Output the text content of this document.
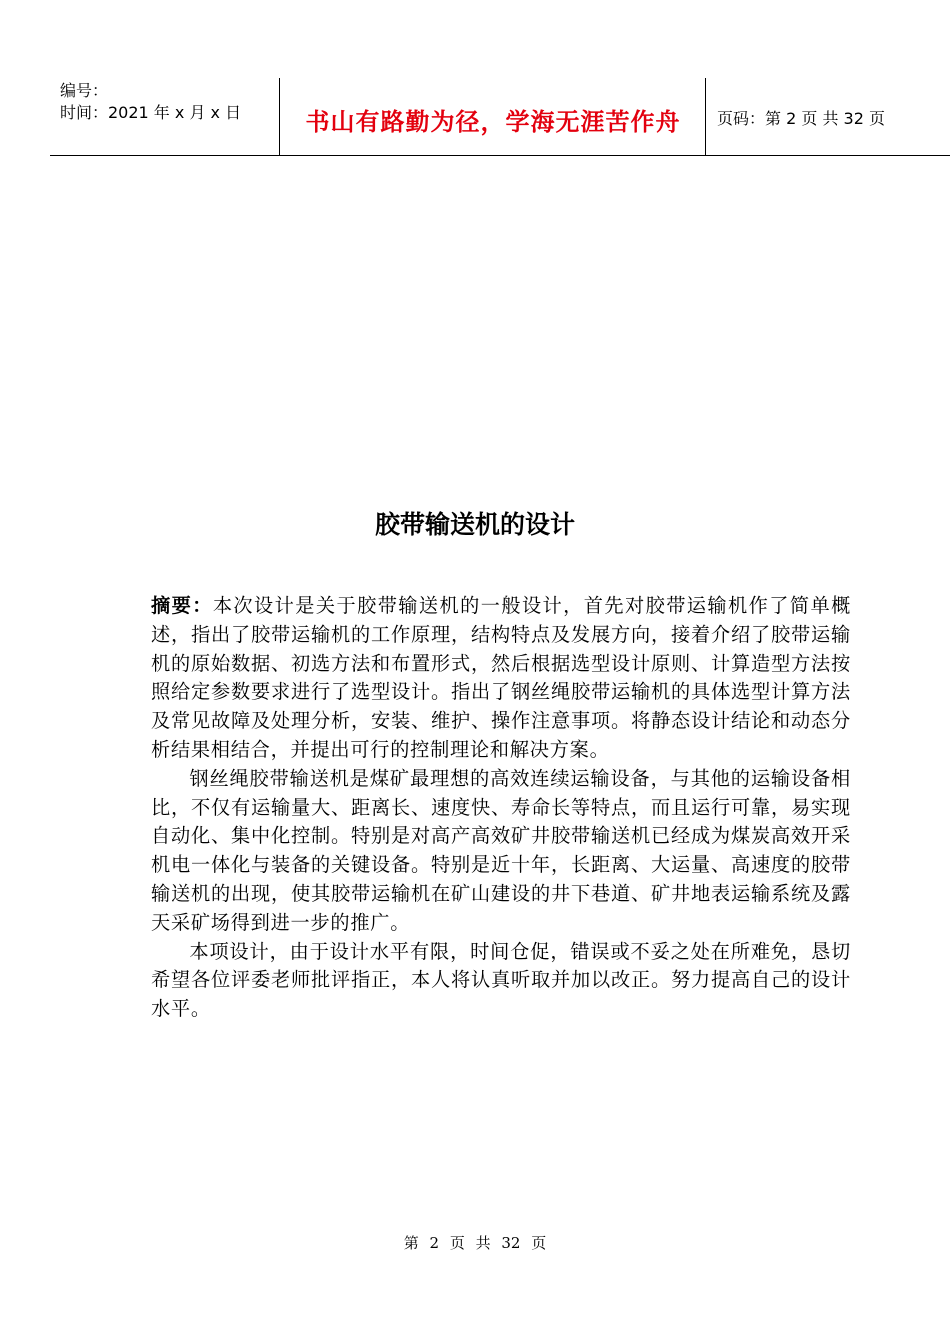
编号：
时间：2021 年 x 月 x 日	书山有路勤为径，学海无涯苦作舟	页码：第 2 页 共 32 页
胶带输送机的设计

摘要：本次设计是关于胶带输送机的一般设计，首先对胶带运输机作了简单概述，指出了胶带运输机的工作原理，结构特点及发展方向，接着介绍了胶带运输机的原始数据、初选方法和布置形式，然后根据选型设计原则、计算造型方法按照给定参数要求进行了选型设计。指出了钢丝绳胶带运输机的具体选型计算方法及常见故障及处理分析，安装、维护、操作注意事项。将静态设计结论和动态分析结果相结合，并提出可行的控制理论和解决方案。

钢丝绳胶带输送机是煤矿最理想的高效连续运输设备，与其他的运输设备相比，不仅有运输量大、距离长、速度快、寿命长等特点，而且运行可靠，易实现自动化、集中化控制。特别是对高产高效矿井胶带输送机已经成为煤炭高效开采机电一体化与装备的关键设备。特别是近十年，长距离、大运量、高速度的胶带输送机的出现，使其胶带运输机在矿山建设的井下巷道、矿井地表运输系统及露天采矿场得到进一步的推广。

本项设计，由于设计水平有限，时间仓促，错误或不妥之处在所难免，恳切希望各位评委老师批评指正，本人将认真听取并加以改正。努力提高自己的设计水平。

第 2 页 共 32 页
